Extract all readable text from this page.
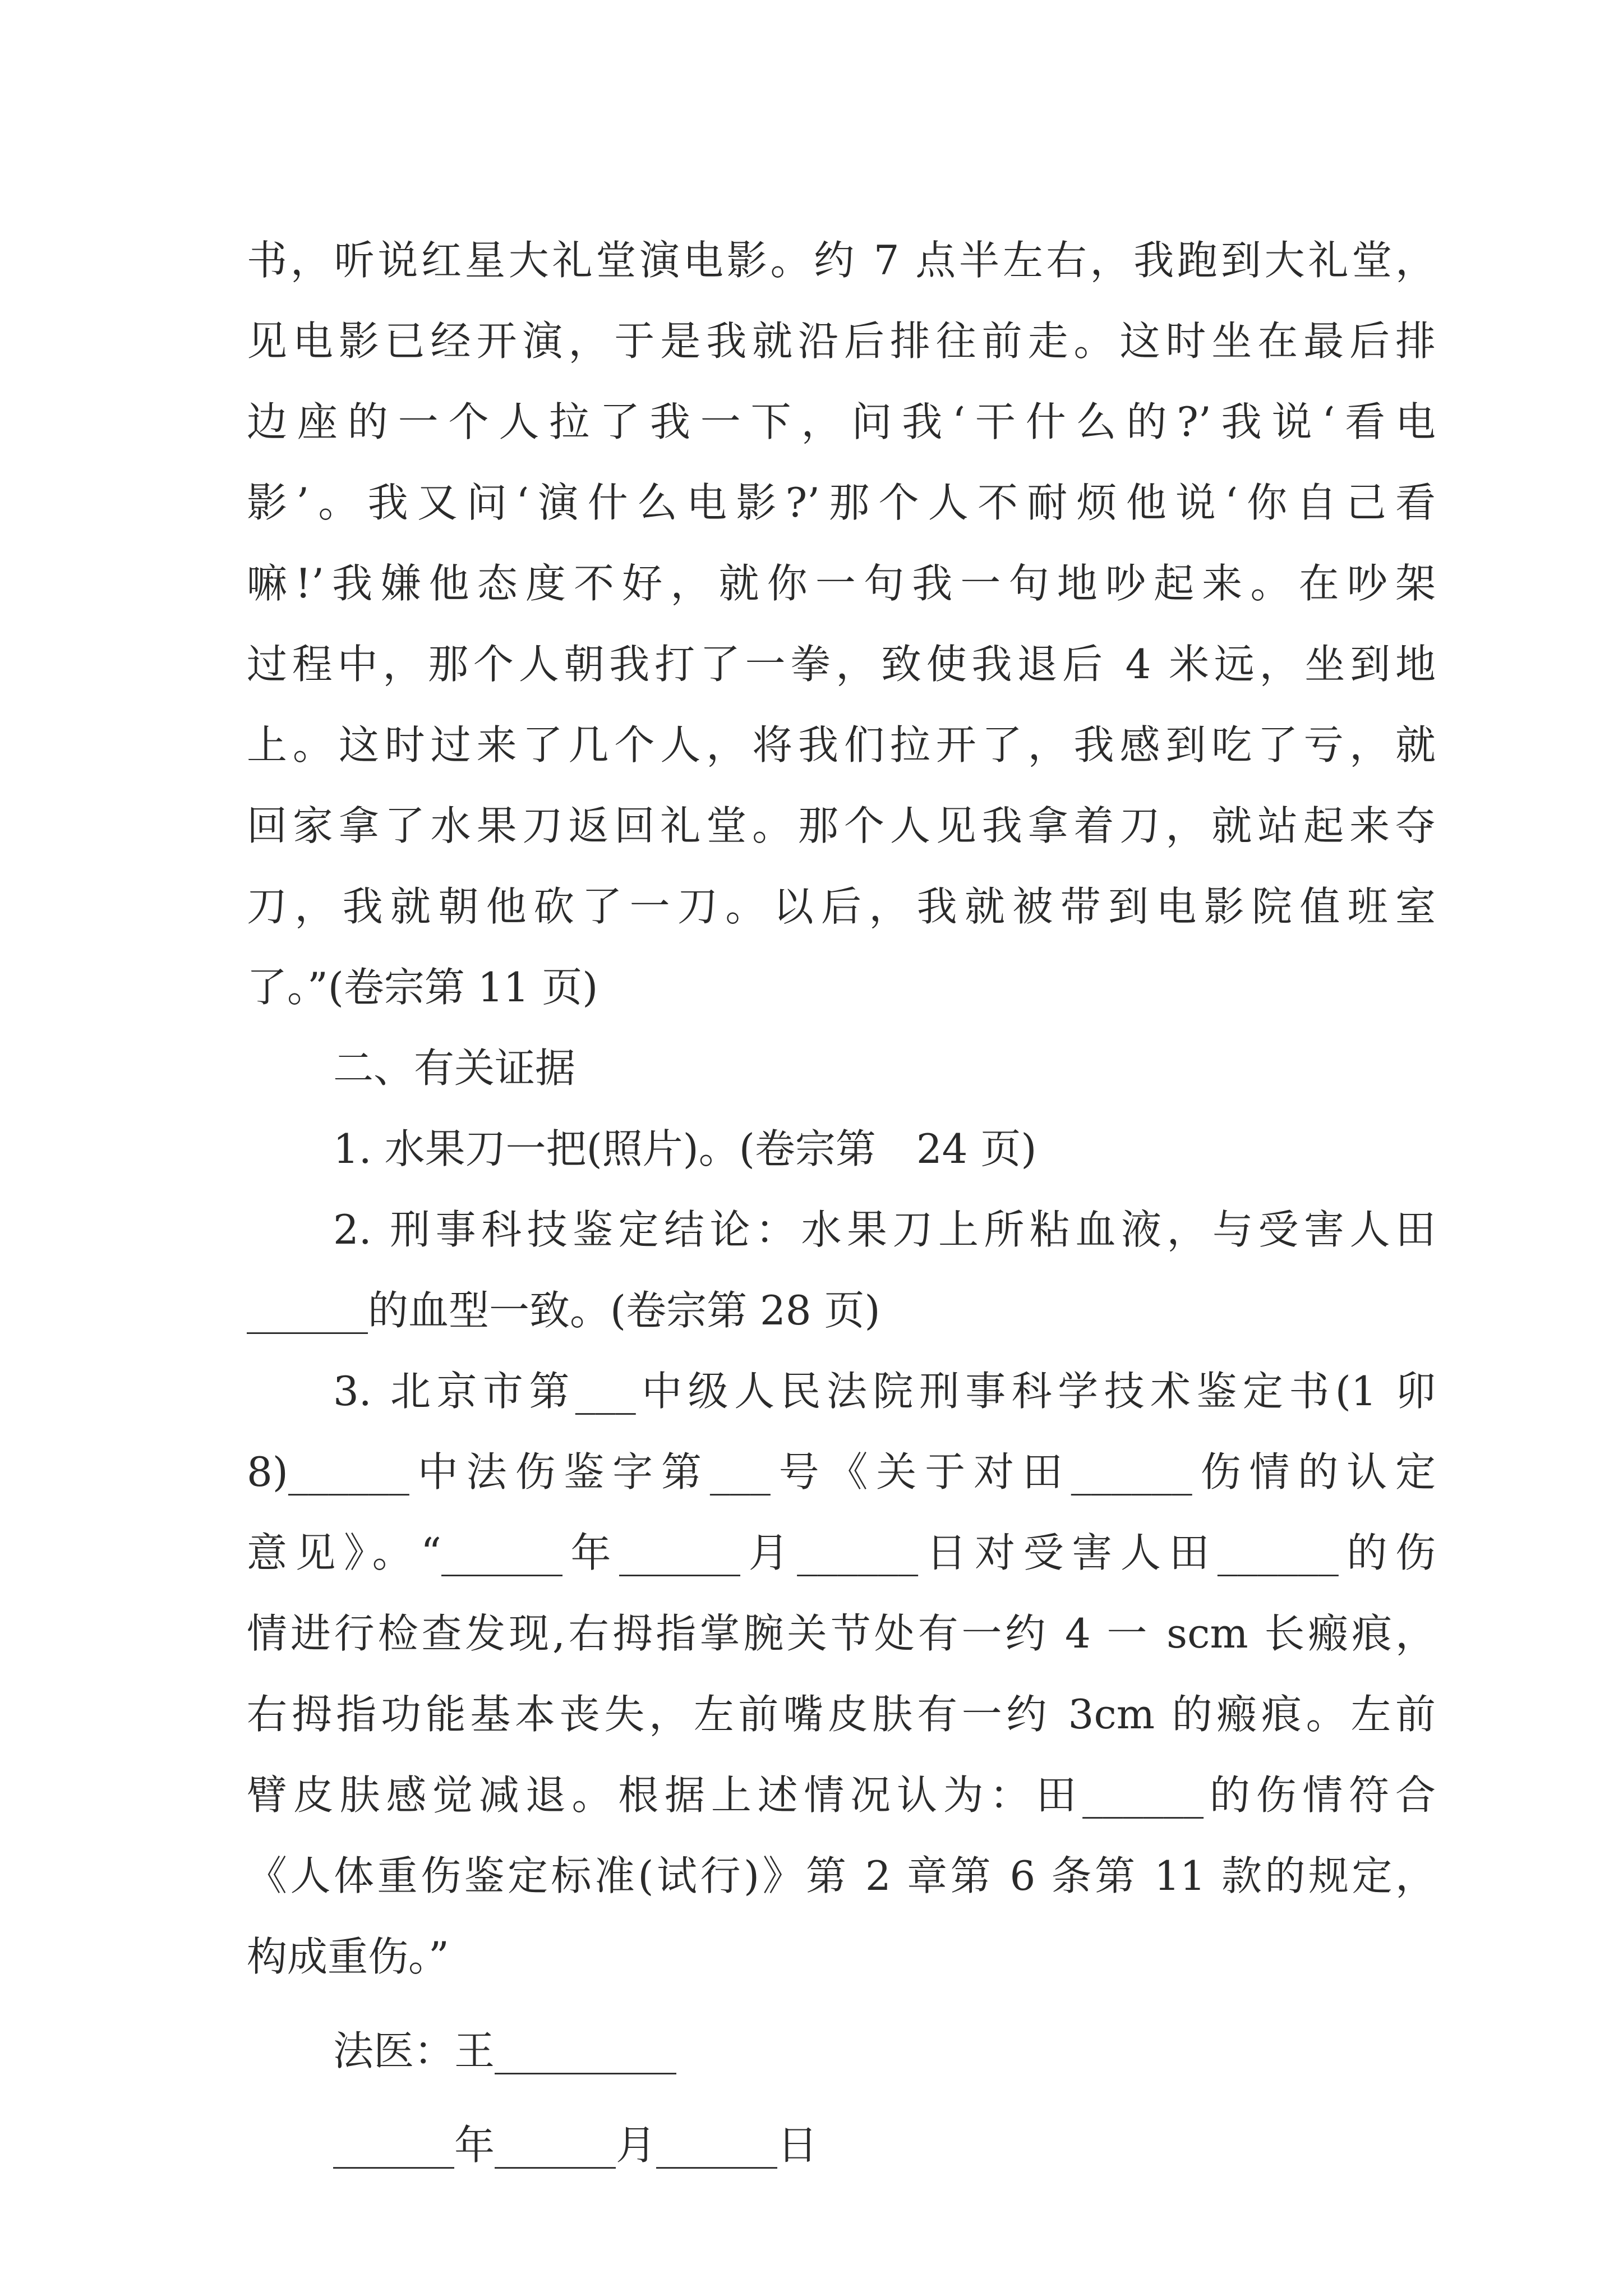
书，听说红星大礼堂演电影。约 7 点半左右，我跑到大礼堂，
见电影已经开演，于是我就沿后排往前走。这时坐在最后排
边座的一个人拉了我一下，问我‘干什么的?’我说‘看电
影’。我又问‘演什么电影?’那个人不耐烦他说‘你自己看
嘛!’我嫌他态度不好，就你一句我一句地吵起来。在吵架
过程中，那个人朝我打了一拳，致使我退后 4 米远，坐到地
上。这时过来了几个人，将我们拉开了，我感到吃了亏，就
回家拿了水果刀返回礼堂。那个人见我拿着刀，就站起来夺
刀，我就朝他砍了一刀。以后，我就被带到电影院值班室
了。”(卷宗第 11 页)
二、有关证据
1. 水果刀一把(照片)。(卷宗第　24 页)
2. 刑事科技鉴定结论：水果刀上所粘血液，与受害人田
______的血型一致。(卷宗第 28 页)
3. 北京市第___中级人民法院刑事科学技术鉴定书(1 卯
8)______中法伤鉴字第___号《关于对田______伤情的认定
意见》。“______年______月______日对受害人田______的伤
情进行检查发现,右拇指掌腕关节处有一约 4 一 scm 长瘢痕，
右拇指功能基本丧失，左前嘴皮肤有一约 3cm 的瘢痕。左前
臂皮肤感觉减退。根据上述情况认为：田______的伤情符合
《人体重伤鉴定标准(试行)》第 2 章第 6 条第 11 款的规定，
构成重伤。”
法医：王_________
______年______月______日
